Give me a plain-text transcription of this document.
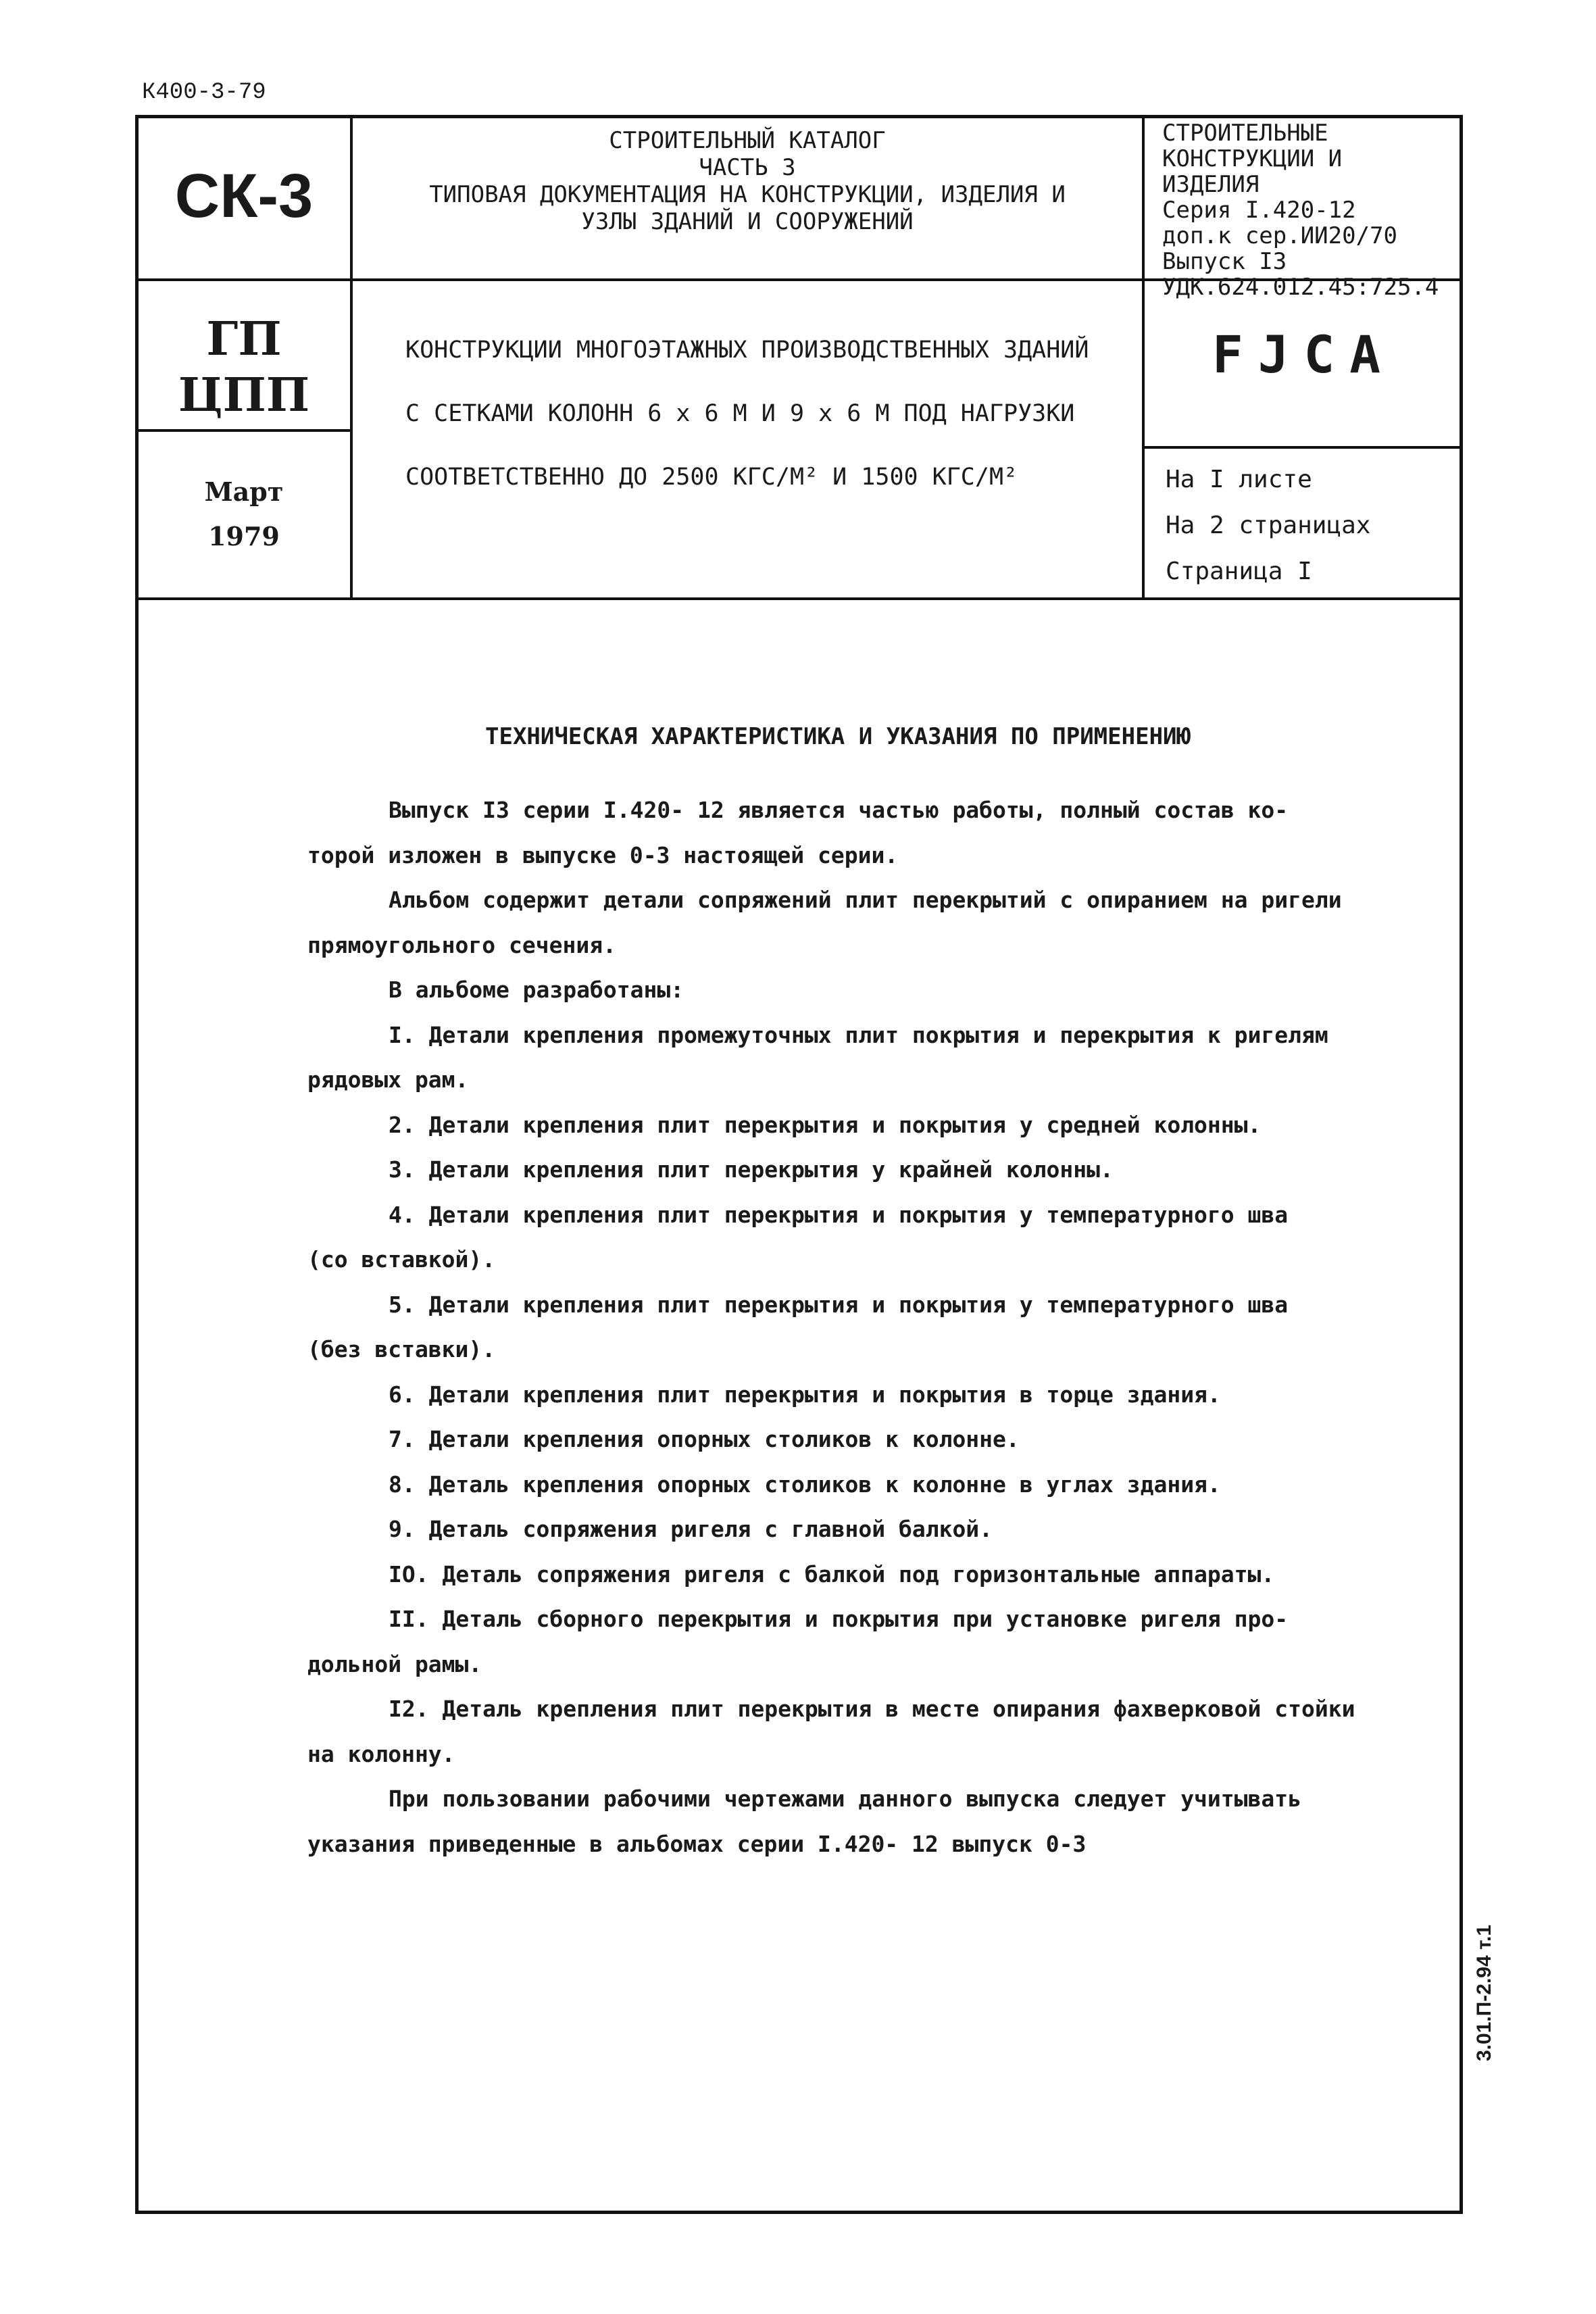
К400-3-79
СК-3
ГП
ЦПП
Март
1979
СТРОИТЕЛЬНЫЙ КАТАЛОГ
ЧАСТЬ 3
ТИПОВАЯ ДОКУМЕНТАЦИЯ НА КОНСТРУКЦИИ, ИЗДЕЛИЯ И
УЗЛЫ ЗДАНИЙ И СООРУЖЕНИЙ
СТРОИТЕЛЬНЫЕ
КОНСТРУКЦИИ И
ИЗДЕЛИЯ
Серия I.420-12
доп.к сер.ИИ20/70
Выпуск I3
УДК.624.012.45:725.4
КОНСТРУКЦИИ МНОГОЭТАЖНЫХ ПРОИЗВОДСТВЕННЫХ ЗДАНИЙ
С СЕТКАМИ КОЛОНН 6 х 6 М И 9 х 6 М ПОД НАГРУЗКИ
СООТВЕТСТВЕННО ДО 2500 КГС/М² И 1500 КГС/М²
FJCA
На I листе
На 2 страницах
Страница I
ТЕХНИЧЕСКАЯ ХАРАКТЕРИСТИКА И УКАЗАНИЯ ПО ПРИМЕНЕНИЮ

Выпуск I3 серии I.420- 12 является частью работы, полный состав ко-

торой изложен в выпуске 0-3 настоящей серии.

Альбом содержит детали сопряжений плит перекрытий с опиранием на ригели

прямоугольного сечения.

В альбоме разработаны:

I. Детали крепления промежуточных плит покрытия и перекрытия к ригелям

рядовых рам.

2. Детали крепления плит перекрытия и покрытия у средней колонны.

3. Детали крепления плит перекрытия у крайней колонны.

4. Детали крепления плит перекрытия и покрытия у температурного шва

(со вставкой).

5. Детали крепления плит перекрытия и покрытия у температурного шва

(без вставки).

6. Детали крепления плит перекрытия и покрытия в торце здания.

7. Детали крепления опорных столиков к колонне.

8. Деталь крепления опорных столиков к колонне в углах здания.

9. Деталь сопряжения ригеля с главной балкой.

IO. Деталь сопряжения ригеля с балкой под горизонтальные аппараты.

II. Деталь сборного перекрытия и покрытия при установке ригеля про-

дольной рамы.

I2. Деталь крепления плит перекрытия в месте опирания фахверковой стойки

на колонну.

При пользовании рабочими чертежами данного выпуска следует учитывать

указания приведенные в альбомах серии I.420- 12 выпуск 0-3

3.01.П-2.94 т.1
